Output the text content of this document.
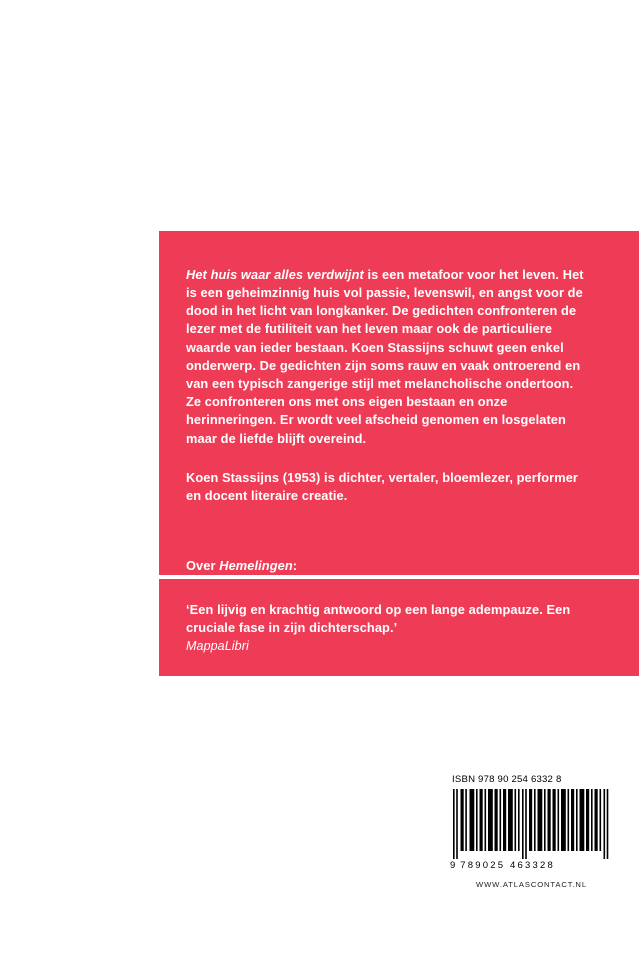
Het huis waar alles verdwijnt is een metafoor voor het leven. Het is een geheimzinnig huis vol passie, levenswil, en angst voor de dood in het licht van longkanker. De gedichten confronteren de lezer met de futiliteit van het leven maar ook de particuliere waarde van ieder bestaan. Koen Stassijns schuwt geen enkel onderwerp. De gedichten zijn soms rauw en vaak ontroerend en van een typisch zangerige stijl met melancholische ondertoon. Ze confronteren ons met ons eigen bestaan en onze herinneringen. Er wordt veel afscheid genomen en losgelaten maar de liefde blijft overeind.

Koen Stassijns (1953) is dichter, vertaler, bloemlezer, performer en docent literaire creatie.

Over Hemelingen:

‘Een lijvig en krachtig antwoord op een lange adempauze. Een cruciale fase in zijn dichterschap.’

MappaLibri

ISBN 978 90 254 6332 8
9 789025 463328
WWW.ATLASCONTACT.NL
